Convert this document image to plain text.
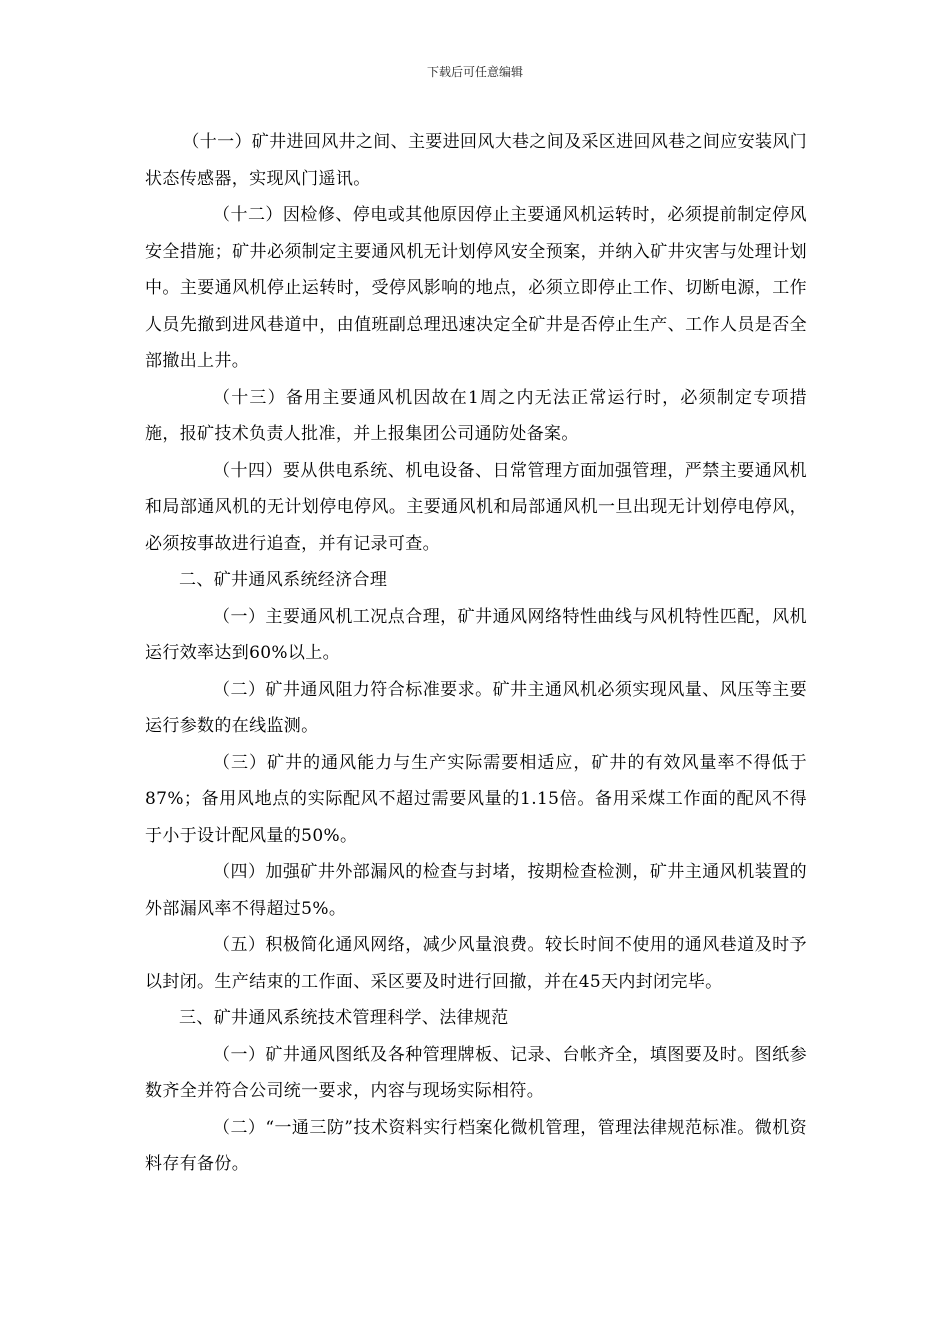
下载后可任意编辑

（十一）矿井进回风井之间、主要进回风大巷之间及采区进回风巷之间应安装风门状态传感器，实现风门遥讯。

（十二）因检修、停电或其他原因停止主要通风机运转时，必须提前制定停风安全措施；矿井必须制定主要通风机无计划停风安全预案，并纳入矿井灾害与处理计划中。主要通风机停止运转时，受停风影响的地点，必须立即停止工作、切断电源，工作人员先撤到进风巷道中，由值班副总理迅速决定全矿井是否停止生产、工作人员是否全部撤出上井。

（十三）备用主要通风机因故在1周之内无法正常运行时，必须制定专项措施，报矿技术负责人批准，并上报集团公司通防处备案。

（十四）要从供电系统、机电设备、日常管理方面加强管理，严禁主要通风机和局部通风机的无计划停电停风。主要通风机和局部通风机一旦出现无计划停电停风，必须按事故进行追查，并有记录可查。

二、矿井通风系统经济合理

（一）主要通风机工况点合理，矿井通风网络特性曲线与风机特性匹配，风机运行效率达到60%以上。

（二）矿井通风阻力符合标准要求。矿井主通风机必须实现风量、风压等主要运行参数的在线监测。

（三）矿井的通风能力与生产实际需要相适应，矿井的有效风量率不得低于87%；备用风地点的实际配风不超过需要风量的1.15倍。备用采煤工作面的配风不得于小于设计配风量的50%。

（四）加强矿井外部漏风的检查与封堵，按期检查检测，矿井主通风机装置的外部漏风率不得超过5%。

（五）积极简化通风网络，减少风量浪费。较长时间不使用的通风巷道及时予以封闭。生产结束的工作面、采区要及时进行回撤，并在45天内封闭完毕。

三、矿井通风系统技术管理科学、法律规范

（一）矿井通风图纸及各种管理牌板、记录、台帐齐全，填图要及时。图纸参数齐全并符合公司统一要求，内容与现场实际相符。

（二）“一通三防”技术资料实行档案化微机管理，管理法律规范标准。微机资料存有备份。
